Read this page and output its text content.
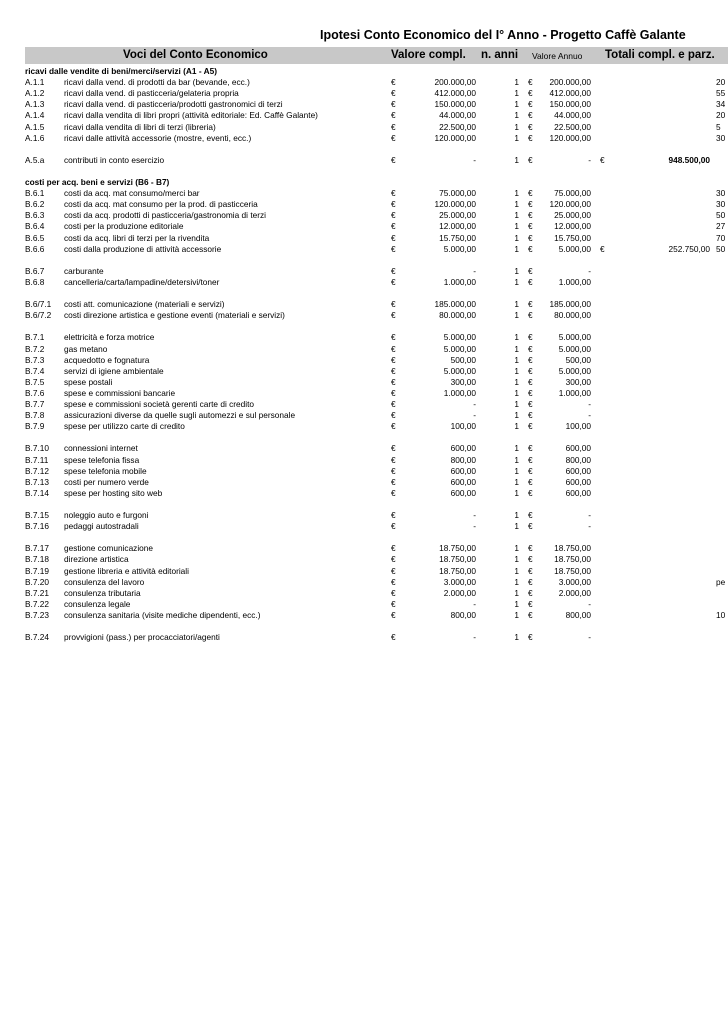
Ipotesi Conto Economico del I° Anno - Progetto Caffè Galante
Voci del Conto Economico	Valore compl. n. anni Valore Annuo Totali compl. e parz.
ricavi dalle vendite di beni/merci/servizi (A1 - A5)
A.1.1 ricavi dalla vend. di prodotti da bar (bevande, ecc.)	€	200.000,00	1 € 200.000,00	20
A.1.2 ricavi dalla vend. di pasticceria/gelateria propria	€	412.000,00	1 € 412.000,00	55
A.1.3 ricavi dalla vend. di pasticceria/prodotti gastronomici di terzi	€	150.000,00	1 € 150.000,00	34
A.1.4 ricavi dalla vendita di libri propri (attività editoriale: Ed. Caffè Galante)	€	44.000,00	1 €	44.000,00	20
A.1.5 ricavi dalla vendita di libri di terzi (libreria)	€	22.500,00	1 €	22.500,00	5
A.1.6 ricavi dalle attività accessorie (mostre, eventi, ecc.)	€	120.000,00	1 € 120.000,00	30
A.5.a contributi in conto esercizio	€	-	1 €	- €	948.500,00
costi per acq. beni e servizi (B6 - B7)
B.6.1 costi da acq. mat consumo/merci bar	€	75.000,00	1 €	75.000,00	30
B.6.2 costi da acq. mat consumo per la prod. di pasticceria	€	120.000,00	1 € 120.000,00	30
B.6.3 costi da acq. prodotti di pasticceria/gastronomia di terzi	€	25.000,00	1 €	25.000,00	50
B.6.4 costi per la produzione editoriale	€	12.000,00	1 €	12.000,00	27
B.6.5 costi da acq. libri di terzi per la rivendita	€	15.750,00	1 €	15.750,00	70
B.6.6 costi dalla produzione di attività accessorie	€	5.000,00	1 €	5.000,00 €	252.750,00 50
B.6.7 carburante	€	-	1 €	-
B.6.8 cancelleria/carta/lampadine/detersivi/toner	€	1.000,00	1 €	1.000,00
B.6/7.1 costi att. comunicazione (materiali e servizi)	€	185.000,00	1 € 185.000,00
B.6/7.2 costi direzione artistica e gestione eventi (materiali e servizi)	€	80.000,00	1 €	80.000,00
B.7.1 elettricità e forza motrice	€	5.000,00	1 €	5.000,00
B.7.2 gas metano	€	5.000,00	1 €	5.000,00
B.7.3 acquedotto e fognatura	€	500,00	1 €	500,00
B.7.4 servizi di igiene ambientale	€	5.000,00	1 €	5.000,00
B.7.5 spese postali	€	300,00	1 €	300,00
B.7.6 spese e commissioni bancarie	€	1.000,00	1 €	1.000,00
B.7.7 spese e commissioni società gerenti carte di credito	€	-	1 €	-
B.7.8 assicurazioni diverse da quelle sugli automezzi e sul personale	€	-	1 €	-
B.7.9 spese per utilizzo carte di credito	€	100,00	1 €	100,00
B.7.10 connessioni internet	€	600,00	1 €	600,00
B.7.11 spese telefonia fissa	€	800,00	1 €	800,00
B.7.12 spese telefonia mobile	€	600,00	1 €	600,00
B.7.13 costi per numero verde	€	600,00	1 €	600,00
B.7.14 spese per hosting sito web	€	600,00	1 €	600,00
B.7.15 noleggio auto e furgoni	€	-	1 €	-
B.7.16 pedaggi autostradali	€	-	1 €	-
B.7.17 gestione comunicazione	€	18.750,00	1 €	18.750,00
B.7.18 direzione artistica	€	18.750,00	1 €	18.750,00
B.7.19 gestione libreria e attività editoriali	€	18.750,00	1 €	18.750,00
B.7.20 consulenza del lavoro	€	3.000,00	1 €	3.000,00	pe
B.7.21 consulenza tributaria	€	2.000,00	1 €	2.000,00
B.7.22 consulenza legale	€	-	1 €	-
B.7.23 consulenza sanitaria (visite mediche dipendenti, ecc.)	€	800,00	1 €	800,00	10
B.7.24 provvigioni (pass.) per procacciatori/agenti	€	-	1 €	-
